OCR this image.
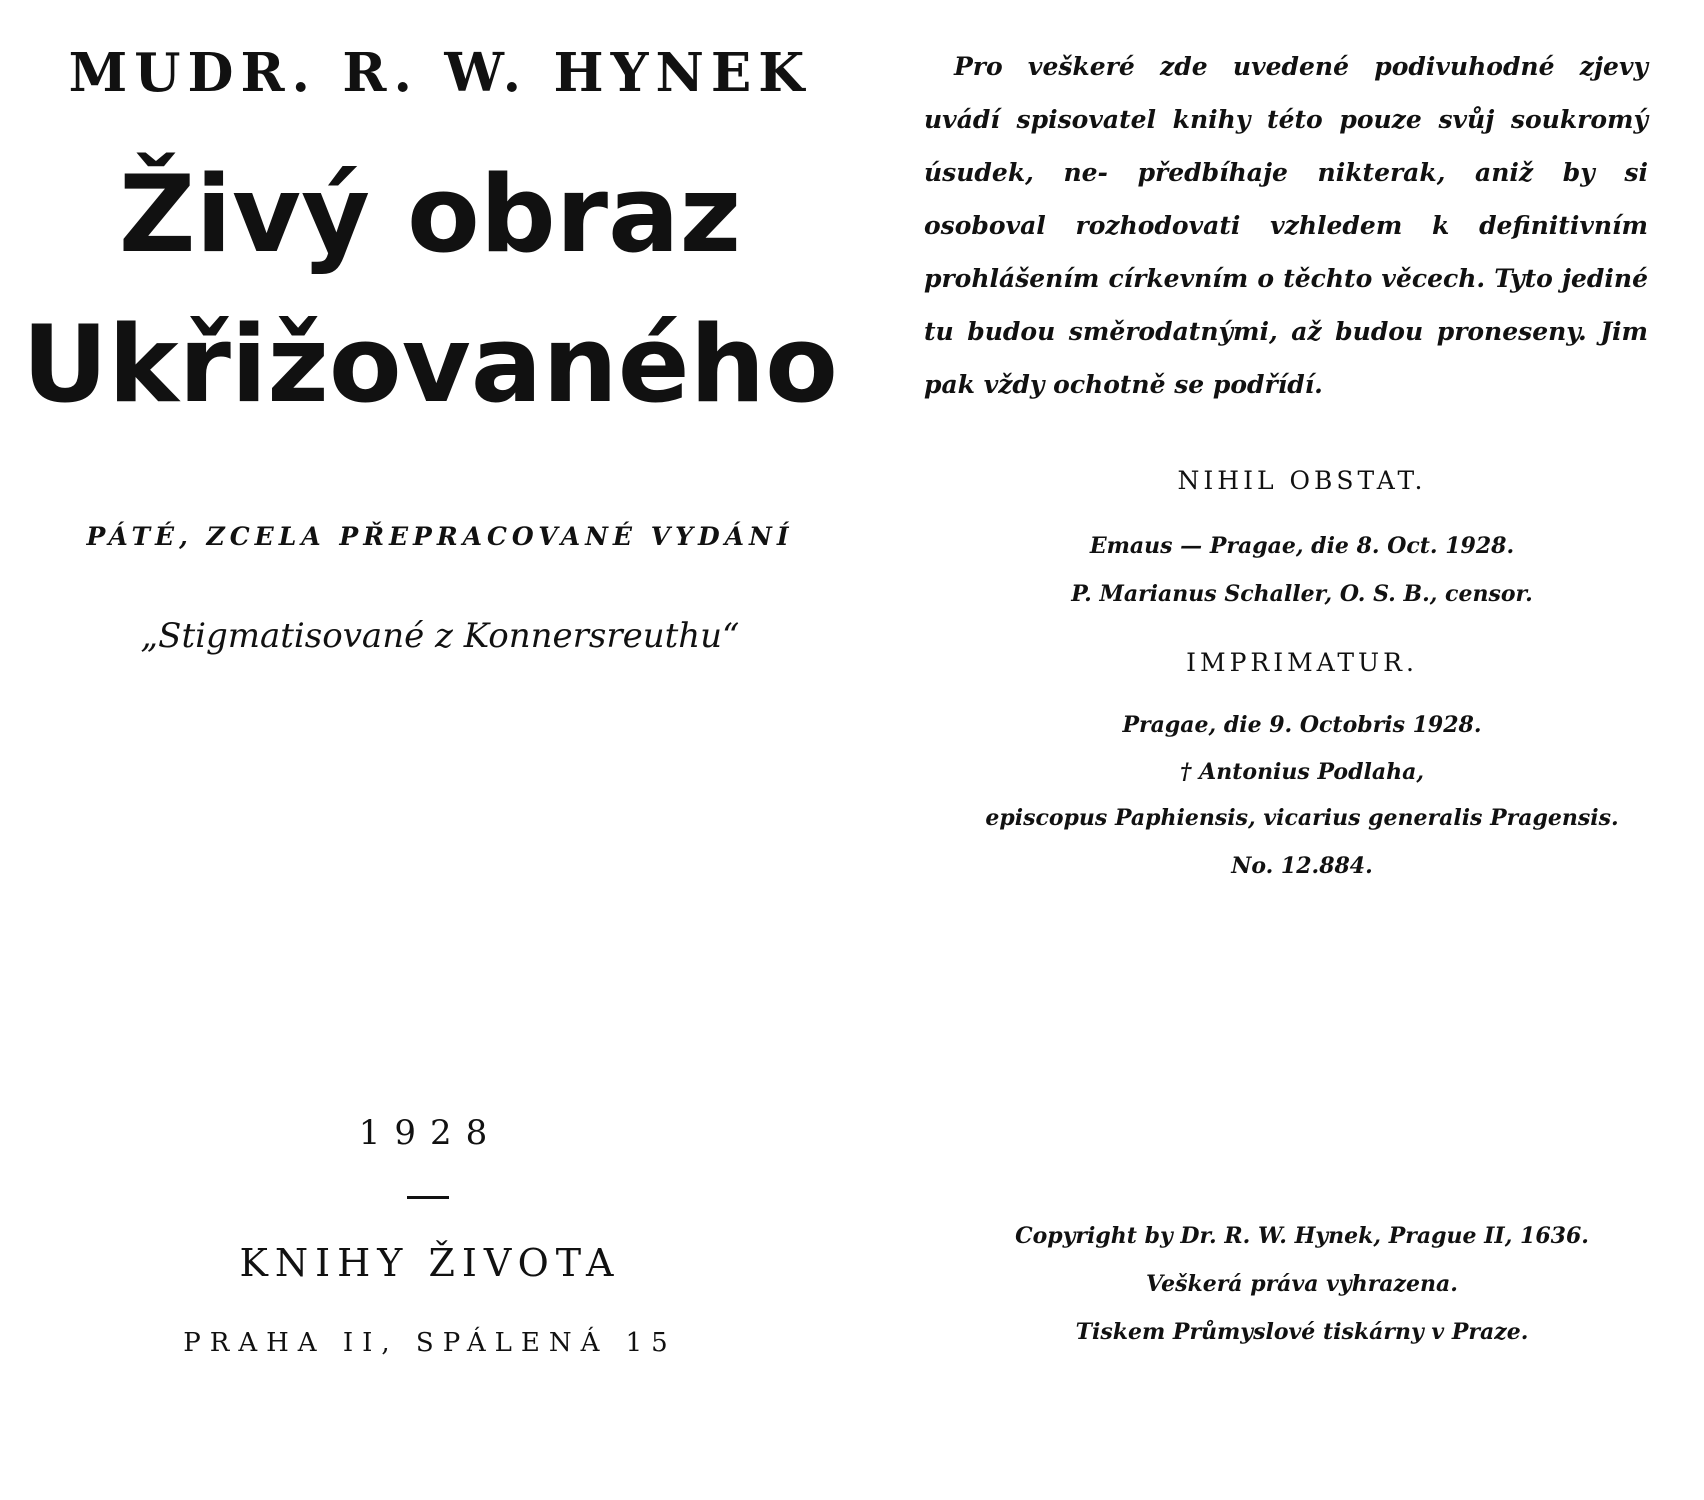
MUDR. R. W. HYNEK
Živý obraz
Ukřižovaného
PÁTÉ, ZCELA PŘEPRACOVANÉ VYDÁNÍ
„Stigmatisované z Konnersreuthu“
1928
KNIHY ŽIVOTA
PRAHA II, SPÁLENÁ 15

Pro veškeré zde uvedené podivuhodné zjevy uvádí spisovatel knihy této pouze svůj soukromý úsudek, ne- předbíhaje nikterak, aniž by si osoboval rozhodovati vzhledem k definitivním prohlášením církevním o těchto věcech. Tyto jediné tu budou směrodatnými, až budou proneseny. Jim pak vždy ochotně se podřídí.

NIHIL OBSTAT.
Emaus — Pragae, die 8. Oct. 1928.
P. Marianus Schaller, O. S. B., censor.
IMPRIMATUR.
Pragae, die 9. Octobris 1928.
† Antonius Podlaha,
episcopus Paphiensis, vicarius generalis Pragensis.
No. 12.884.
Copyright by Dr. R. W. Hynek, Prague II, 1636.
Veškerá práva vyhrazena.
Tiskem Průmyslové tiskárny v Praze.
